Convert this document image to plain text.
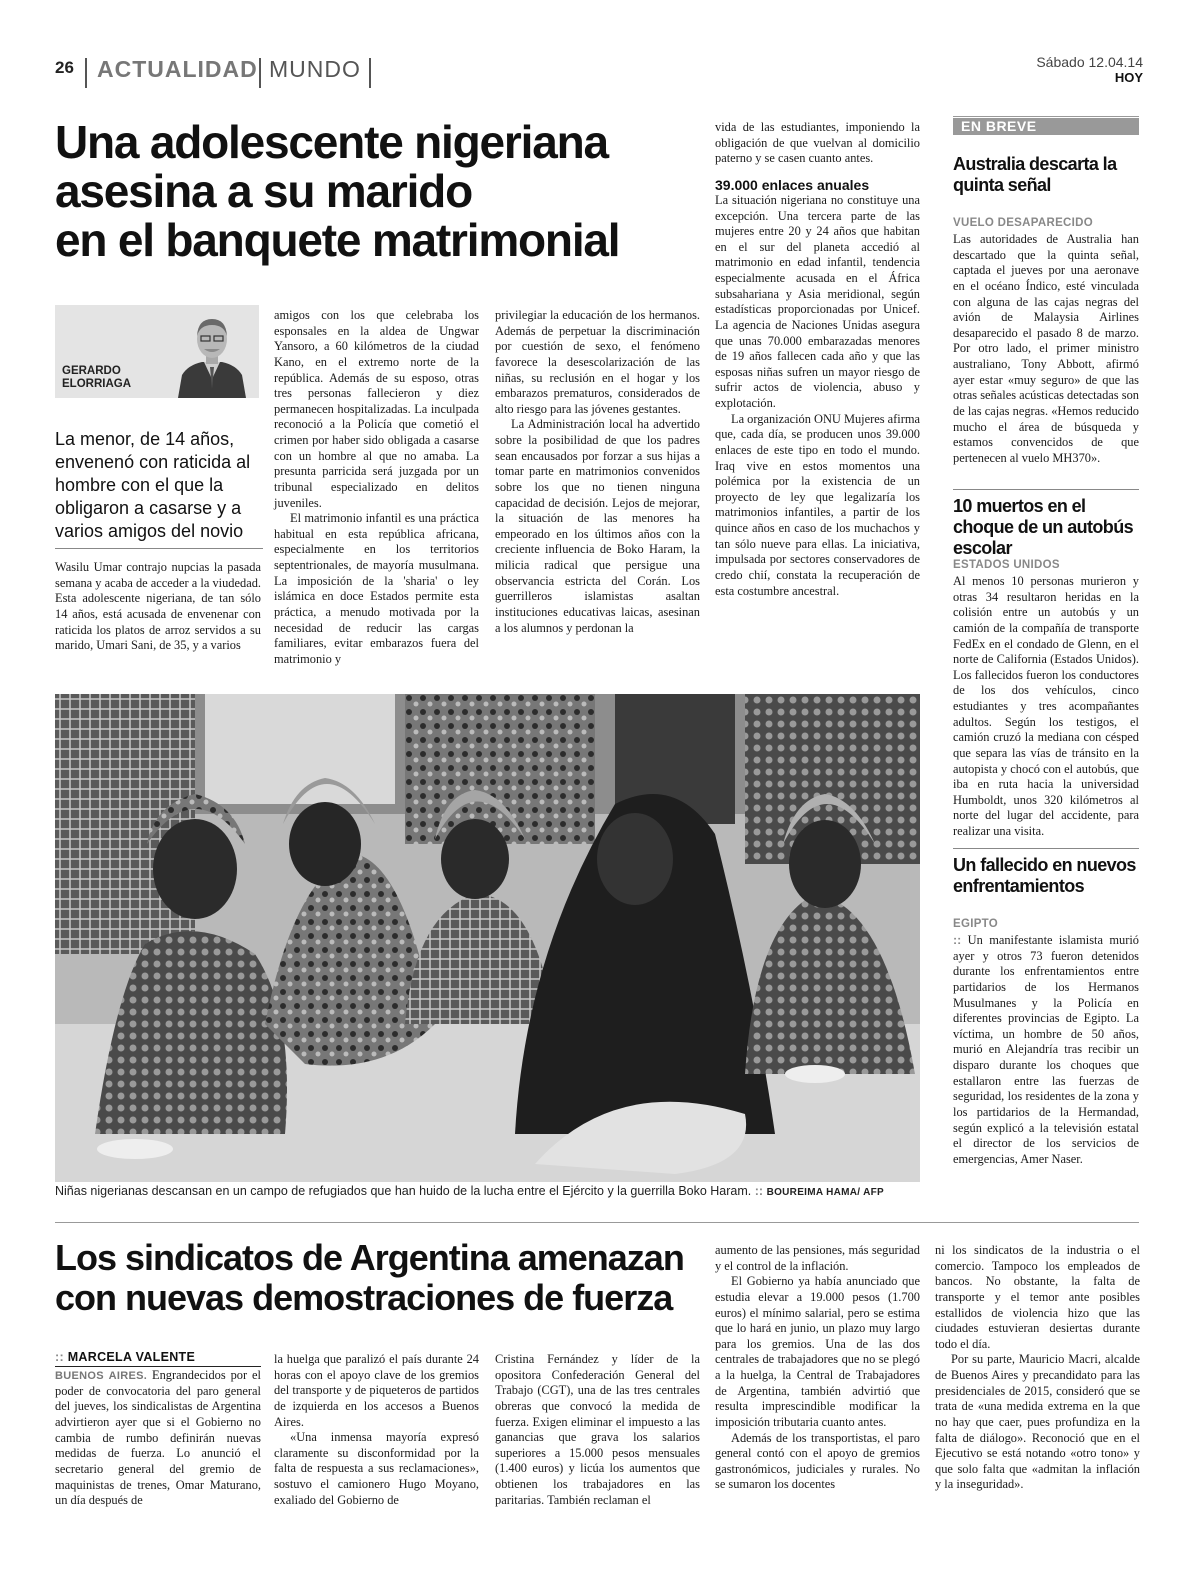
26 ACTUALIDAD MUNDO	Sábado 12.04.14
HOY
Una adolescente nigeriana
asesina a su marido
en el banquete matrimonial
GERARDO
ELORRIAGA
La menor, de 14 años, envenenó con raticida al hombre con el que la obligaron a casarse y a varios amigos del novio

Wasilu Umar contrajo nupcias la pasada semana y acaba de acceder a la viudedad. Esta adolescente nigeriana, de tan sólo 14 años, está acusada de envenenar con raticida los platos de arroz servidos a su marido, Umari Sani, de 35, y a varios

amigos con los que celebraba los esponsales en la aldea de Ungwar Yansoro, a 60 kilómetros de la ciudad Kano, en el extremo norte de la república. Además de su esposo, otras tres personas fallecieron y diez permanecen hospitalizadas. La inculpada reconoció a la Policía que cometió el crimen por haber sido obligada a casarse con un hombre al que no amaba. La presunta parricida será juzgada por un tribunal especializado en delitos juveniles.

El matrimonio infantil es una práctica habitual en esta república africana, especialmente en los territorios septentrionales, de mayoría musulmana. La imposición de la 'sharia' o ley islámica en doce Estados permite esta práctica, a menudo motivada por la necesidad de reducir las cargas familiares, evitar embarazos fuera del matrimonio y

privilegiar la educación de los hermanos. Además de perpetuar la discriminación por cuestión de sexo, el fenómeno favorece la desescolarización de las niñas, su reclusión en el hogar y los embarazos prematuros, considerados de alto riesgo para las jóvenes gestantes.

La Administración local ha advertido sobre la posibilidad de que los padres sean encausados por forzar a sus hijas a tomar parte en matrimonios convenidos sobre los que no tienen ninguna capacidad de decisión. Lejos de mejorar, la situación de las menores ha empeorado en los últimos años con la creciente influencia de Boko Haram, la milicia radical que persigue una observancia estricta del Corán. Los guerrilleros islamistas asaltan instituciones educativas laicas, asesinan a los alumnos y perdonan la

vida de las estudiantes, imponiendo la obligación de que vuelvan al domicilio paterno y se casen cuanto antes.

39.000 enlaces anuales

La situación nigeriana no constituye una excepción. Una tercera parte de las mujeres entre 20 y 24 años que habitan en el sur del planeta accedió al matrimonio en edad infantil, tendencia especialmente acusada en el África subsahariana y Asia meridional, según estadísticas proporcionadas por Unicef. La agencia de Naciones Unidas asegura que unas 70.000 embarazadas menores de 19 años fallecen cada año y que las esposas niñas sufren un mayor riesgo de sufrir actos de violencia, abuso y explotación.

La organización ONU Mujeres afirma que, cada día, se producen unos 39.000 enlaces de este tipo en todo el mundo. Iraq vive en estos momentos una polémica por la existencia de un proyecto de ley que legalizaría los matrimonios infantiles, a partir de los quince años en caso de los muchachos y tan sólo nueve para ellas. La iniciativa, impulsada por sectores conservadores de credo chií, constata la recuperación de esta costumbre ancestral.

Niñas nigerianas descansan en un campo de refugiados que han huido de la lucha entre el Ejército y la guerrilla Boko Haram. :: BOUREIMA HAMA/ AFP
EN BREVE
Australia descarta la quinta señal
VUELO DESAPARECIDO
Las autoridades de Australia han descartado que la quinta señal, captada el jueves por una aeronave en el océano Índico, esté vinculada con alguna de las cajas negras del avión de Malaysia Airlines desaparecido el pasado 8 de marzo. Por otro lado, el primer ministro australiano, Tony Abbott, afirmó ayer estar «muy seguro» de que las otras señales acústicas detectadas son de las cajas negras. «Hemos reducido mucho el área de búsqueda y estamos convencidos de que pertenecen al vuelo MH370».
10 muertos en el choque de un autobús escolar
ESTADOS UNIDOS
Al menos 10 personas murieron y otras 34 resultaron heridas en la colisión entre un autobús y un camión de la compañía de transporte FedEx en el condado de Glenn, en el norte de California (Estados Unidos). Los fallecidos fueron los conductores de los dos vehículos, cinco estudiantes y tres acompañantes adultos. Según los testigos, el camión cruzó la mediana con césped que separa las vías de tránsito en la autopista y chocó con el autobús, que iba en ruta hacia la universidad Humboldt, unos 320 kilómetros al norte del lugar del accidente, para realizar una visita.
Un fallecido en nuevos enfrentamientos
EGIPTO
:: Un manifestante islamista murió ayer y otros 73 fueron detenidos durante los enfrentamientos entre partidarios de los Hermanos Musulmanes y la Policía en diferentes provincias de Egipto. La víctima, un hombre de 50 años, murió en Alejandría tras recibir un disparo durante los choques que estallaron entre las fuerzas de seguridad, los residentes de la zona y los partidarios de la Hermandad, según explicó a la televisión estatal el director de los servicios de emergencias, Amer Naser.
Los sindicatos de Argentina amenazan
con nuevas demostraciones de fuerza
:: MARCELA VALENTE

BUENOS AIRES. Engrandecidos por el poder de convocatoria del paro general del jueves, los sindicalistas de Argentina advirtieron ayer que si el Gobierno no cambia de rumbo definirán nuevas medidas de fuerza. Lo anunció el secretario general del gremio de maquinistas de trenes, Omar Maturano, un día después de

la huelga que paralizó el país durante 24 horas con el apoyo clave de los gremios del transporte y de piqueteros de partidos de izquierda en los accesos a Buenos Aires.

«Una inmensa mayoría expresó claramente su disconformidad por la falta de respuesta a sus reclamaciones», sostuvo el camionero Hugo Moyano, exaliado del Gobierno de

Cristina Fernández y líder de la opositora Confederación General del Trabajo (CGT), una de las tres centrales obreras que convocó la medida de fuerza. Exigen eliminar el impuesto a las ganancias que grava los salarios superiores a 15.000 pesos mensuales (1.400 euros) y licúa los aumentos que obtienen los trabajadores en las paritarias. También reclaman el

aumento de las pensiones, más seguridad y el control de la inflación.

El Gobierno ya había anunciado que estudia elevar a 19.000 pesos (1.700 euros) el mínimo salarial, pero se estima que lo hará en junio, un plazo muy largo para los gremios. Una de las dos centrales de trabajadores que no se plegó a la huelga, la Central de Trabajadores de Argentina, también advirtió que resulta imprescindible modificar la imposición tributaria cuanto antes.

Además de los transportistas, el paro general contó con el apoyo de gremios gastronómicos, judiciales y rurales. No se sumaron los docentes

ni los sindicatos de la industria o el comercio. Tampoco los empleados de bancos. No obstante, la falta de transporte y el temor ante posibles estallidos de violencia hizo que las ciudades estuvieran desiertas durante todo el día.

Por su parte, Mauricio Macri, alcalde de Buenos Aires y precandidato para las presidenciales de 2015, consideró que se trata de «una medida extrema en la que no hay que caer, pues profundiza en la falta de diálogo». Reconoció que en el Ejecutivo se está notando «otro tono» y que solo falta que «admitan la inflación y la inseguridad».
